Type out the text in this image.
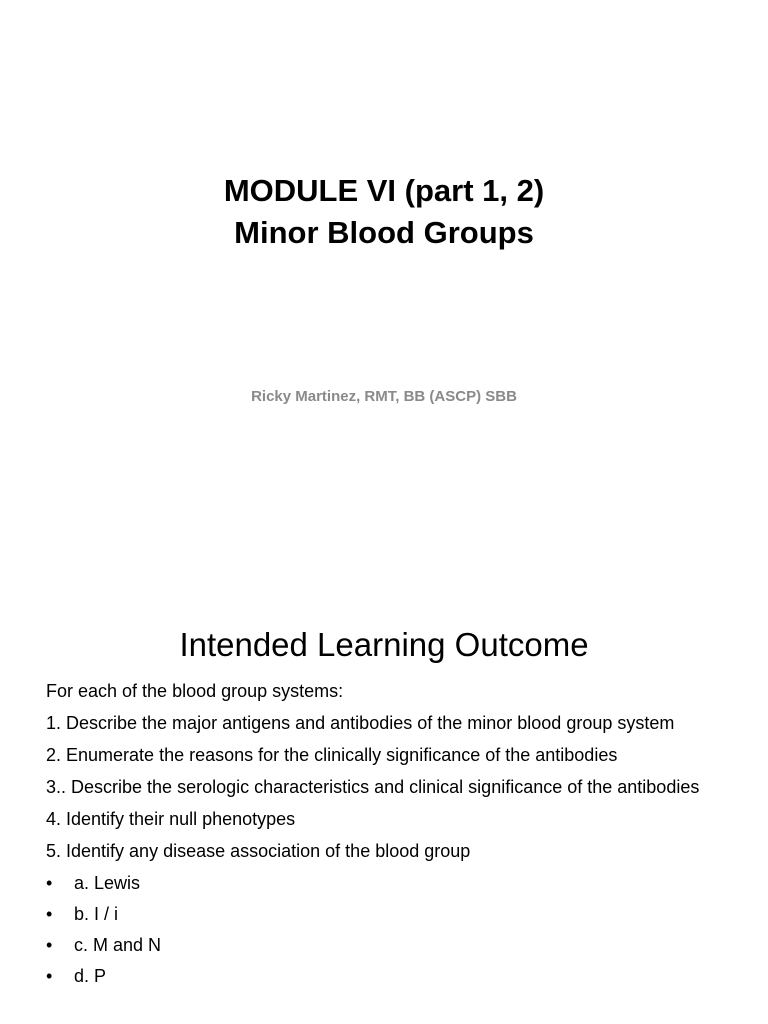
MODULE VI (part 1, 2)
Minor Blood Groups
Ricky Martinez, RMT, BB (ASCP) SBB
Intended Learning Outcome
For each of the blood group systems:
1. Describe the major antigens and antibodies of the minor blood group system
2. Enumerate the reasons for the clinically significance of the antibodies
3.. Describe the serologic characteristics and clinical significance of the antibodies
4. Identify their null phenotypes
5. Identify any disease association of the blood group
• a. Lewis
• b. I / i
• c. M and N
• d. P
